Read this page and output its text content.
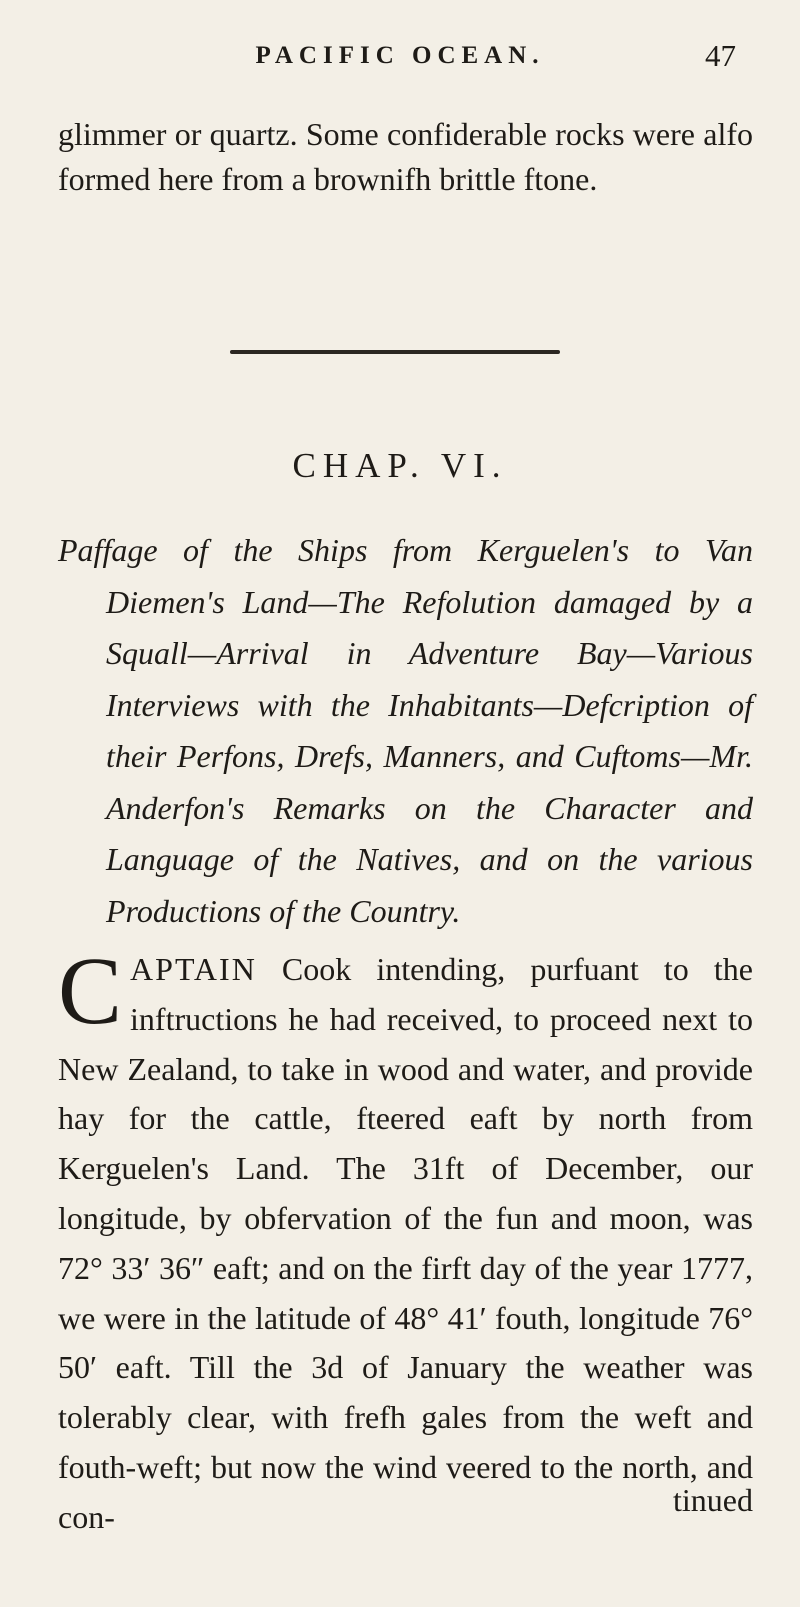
PACIFIC OCEAN.	47
glimmer or quartz. Some confiderable rocks were alfo formed here from a brownifh brittle ftone.
CHAP. VI.
Paffage of the Ships from Kerguelen's to Van Diemen's Land—The Refolution damaged by a Squall—Arrival in Adventure Bay—Various Interviews with the Inhabitants—Defcription of their Perfons, Drefs, Manners, and Cuftoms—Mr. Anderfon's Remarks on the Character and Language of the Natives, and on the various Productions of the Country.
CAPTAIN Cook intending, purfuant to the inftructions he had received, to proceed next to New Zealand, to take in wood and water, and provide hay for the cattle, fteered eaft by north from Kerguelen's Land. The 31ft of December, our longitude, by obfervation of the fun and moon, was 72° 33′ 36″ eaft; and on the firft day of the year 1777, we were in the latitude of 48° 41′ fouth, longitude 76° 50′ eaft. Till the 3d of January the weather was tolerably clear, with frefh gales from the weft and fouth-weft; but now the wind veered to the north, and con-	tinued
